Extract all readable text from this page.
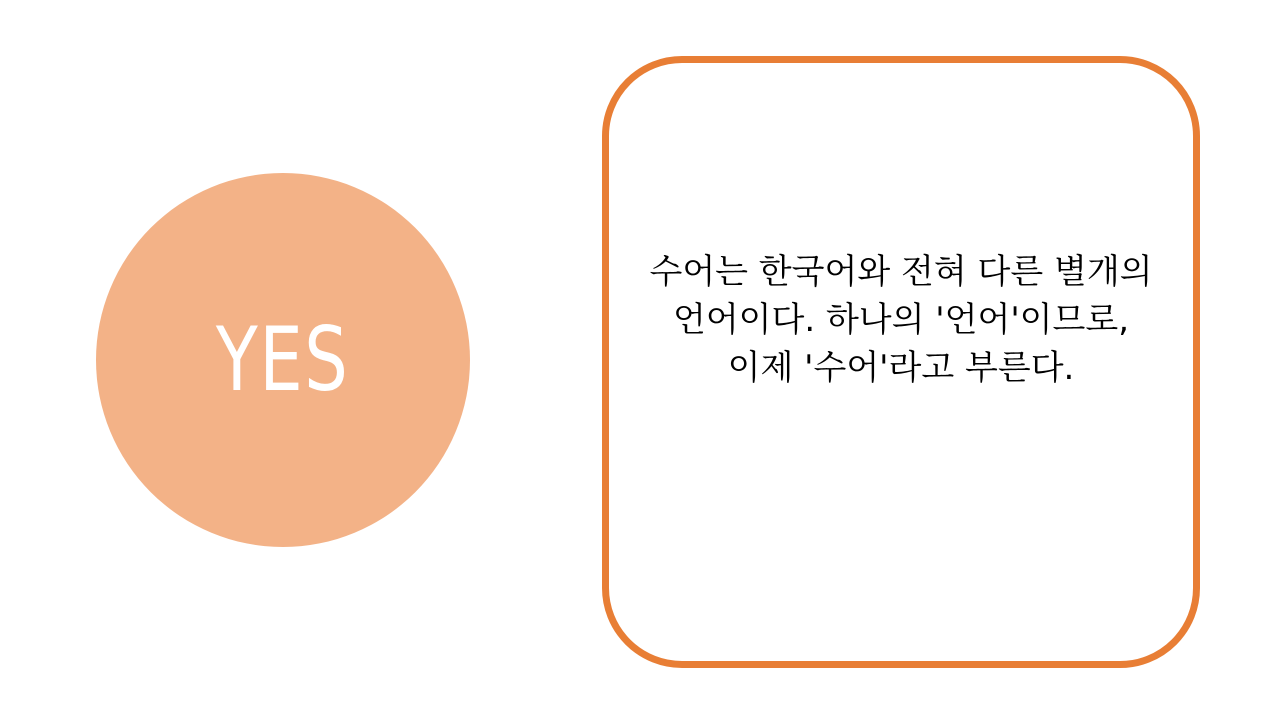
YES
수어는 한국어와 전혀 다른 별개의
언어이다. 하나의 '언어'이므로,
이제 '수어'라고 부른다.
